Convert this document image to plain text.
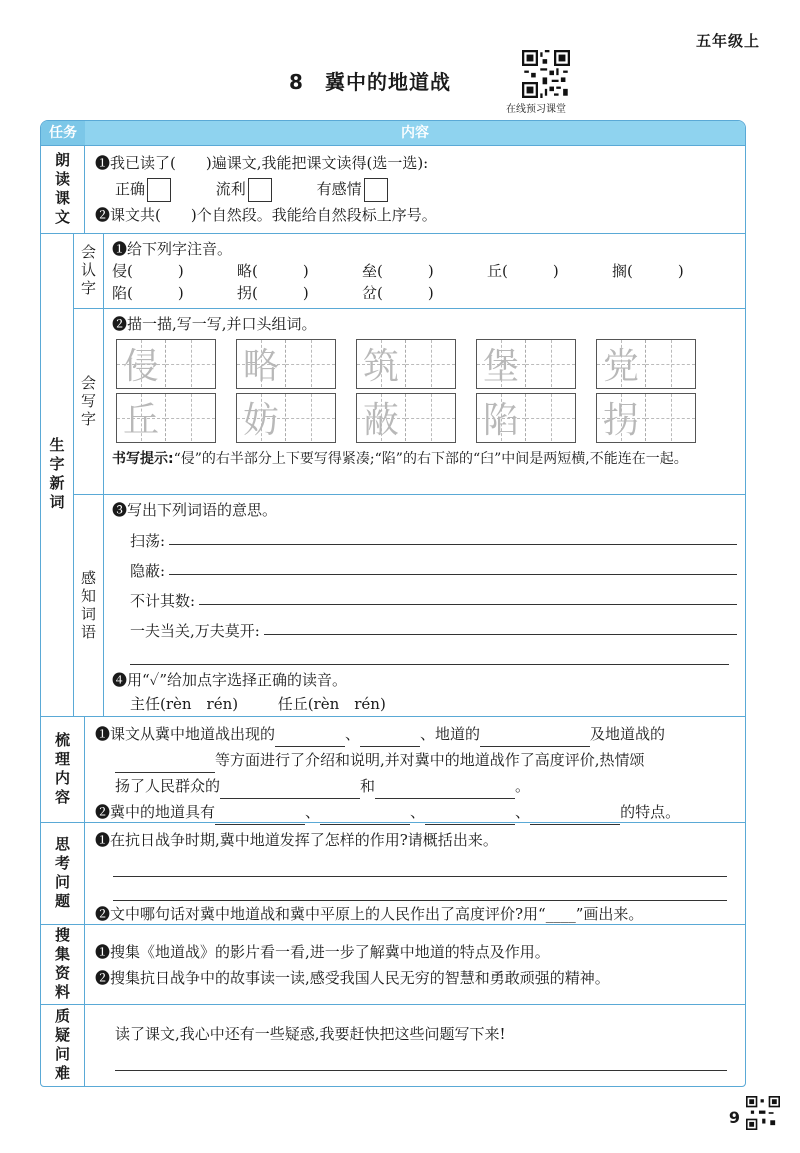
五年级上
8　冀中的地道战
在线预习课堂
任务	内容
朗读课文 ❶我已读了(　　)遍课文,我能把课文读得(选一选):
正确	流利	有感情
❷课文共(　　)个自然段。我能给自然段标上序号。
生字新词
会认字 ❶给下列字注音。
侵(　　　)	略(　　　)	垒(　　　)	丘(　　　)	搁(　　　)
陷(　　　)	拐(　　　)	岔(　　　)
会写字
❷描一描,写一写,并口头组词。
侵 略 筑 堡 党
丘 妨 蔽 陷 拐
书写提示:“侵”的右半部分上下要写得紧凑;“陷”的右下部的“臼”中间是两短横,不能连在一起。
感知词语
❸写出下列词语的意思。
扫荡:
隐蔽:
不计其数:
一夫当关,万夫莫开:
❹用“✓”给加点字选择正确的读音。
主任(rèn　rén)	任丘(rèn　rén)
梳理内容 ❶课文从冀中地道战出现的	、	、地道的	及地道战的
等方面进行了介绍和说明,并对冀中的地道战作了高度评价,热情颂
扬了人民群众的	和	。
❷冀中的地道具有	、	、	、	的特点。
思考问题 ❶在抗日战争时期,冀中地道发挥了怎样的作用?请概括出来。
❷文中哪句话对冀中地道战和冀中平原上的人民作出了高度评价?用“____”画出来。
搜集资料 ❶搜集《地道战》的影片看一看,进一步了解冀中地道的特点及作用。
❷搜集抗日战争中的故事读一读,感受我国人民无穷的智慧和勇敢顽强的精神。
质疑问难	读了课文,我心中还有一些疑惑,我要赶快把这些问题写下来!
9
